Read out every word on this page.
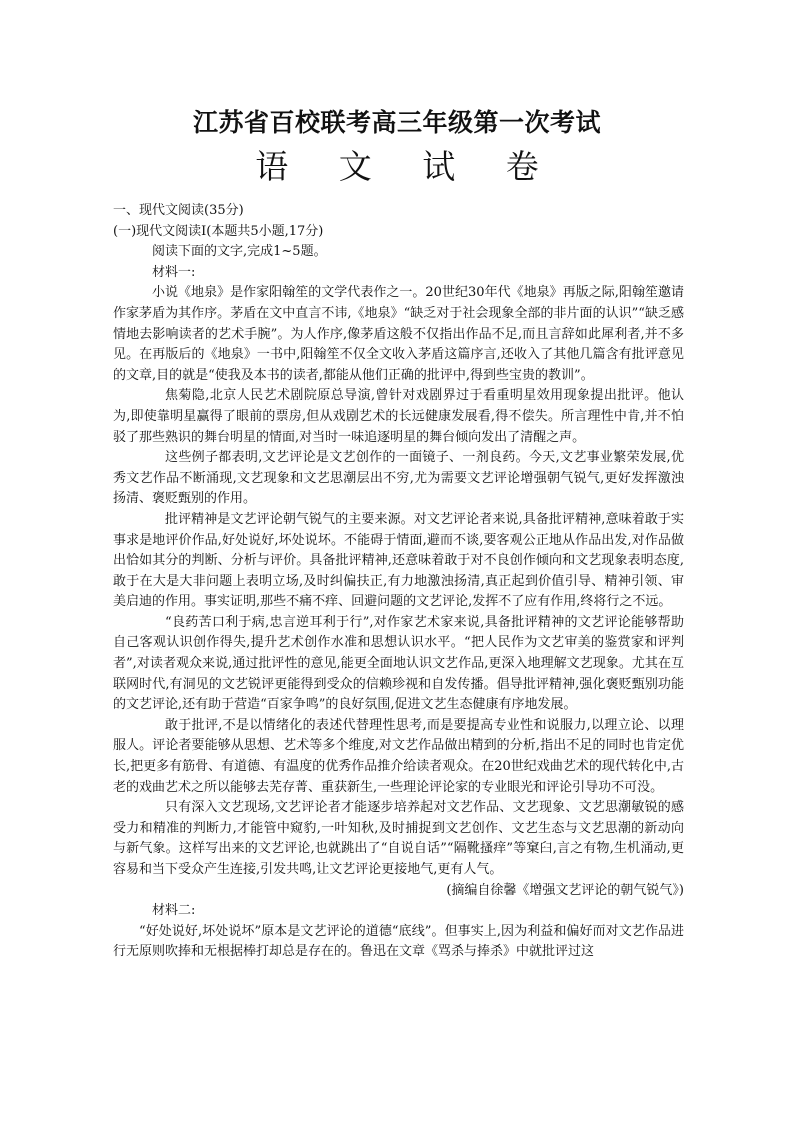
江苏省百校联考高三年级第一次考试
语 文 试 卷

一、现代文阅读(35分)

(一)现代文阅读Ⅰ(本题共5小题,17分)

阅读下面的文字,完成1~5题。

材料一:

小说《地泉》是作家阳翰笙的文学代表作之一。20世纪30年代《地泉》再版之际,阳翰笙邀请作家茅盾为其作序。茅盾在文中直言不讳,《地泉》“缺乏对于社会现象全部的非片面的认识”“缺乏感情地去影响读者的艺术手腕”。为人作序,像茅盾这般不仅指出作品不足,而且言辞如此犀利者,并不多见。在再版后的《地泉》一书中,阳翰笙不仅全文收入茅盾这篇序言,还收入了其他几篇含有批评意见的文章,目的就是“使我及本书的读者,都能从他们正确的批评中,得到些宝贵的教训”。

焦菊隐,北京人民艺术剧院原总导演,曾针对戏剧界过于看重明星效用现象提出批评。他认为,即使靠明星赢得了眼前的票房,但从戏剧艺术的长远健康发展看,得不偿失。所言理性中肯,并不怕驳了那些熟识的舞台明星的情面,对当时一味追逐明星的舞台倾向发出了清醒之声。

这些例子都表明,文艺评论是文艺创作的一面镜子、一剂良药。今天,文艺事业繁荣发展,优秀文艺作品不断涌现,文艺现象和文艺思潮层出不穷,尤为需要文艺评论增强朝气锐气,更好发挥激浊扬清、褒贬甄别的作用。

批评精神是文艺评论朝气锐气的主要来源。对文艺评论者来说,具备批评精神,意味着敢于实事求是地评价作品,好处说好,坏处说坏。不能碍于情面,避而不谈,要客观公正地从作品出发,对作品做出恰如其分的判断、分析与评价。具备批评精神,还意味着敢于对不良创作倾向和文艺现象表明态度,敢于在大是大非问题上表明立场,及时纠偏扶正,有力地激浊扬清,真正起到价值引导、精神引领、审美启迪的作用。事实证明,那些不痛不痒、回避问题的文艺评论,发挥不了应有作用,终将行之不远。

“良药苦口利于病,忠言逆耳利于行”,对作家艺术家来说,具备批评精神的文艺评论能够帮助自己客观认识创作得失,提升艺术创作水准和思想认识水平。“把人民作为文艺审美的鉴赏家和评判者”,对读者观众来说,通过批评性的意见,能更全面地认识文艺作品,更深入地理解文艺现象。尤其在互联网时代,有洞见的文艺锐评更能得到受众的信赖珍视和自发传播。倡导批评精神,强化褒贬甄别功能的文艺评论,还有助于营造“百家争鸣”的良好氛围,促进文艺生态健康有序地发展。

敢于批评,不是以情绪化的表述代替理性思考,而是要提高专业性和说服力,以理立论、以理服人。评论者要能够从思想、艺术等多个维度,对文艺作品做出精到的分析,指出不足的同时也肯定优长,把更多有筋骨、有道德、有温度的优秀作品推介给读者观众。在20世纪戏曲艺术的现代转化中,古老的戏曲艺术之所以能够去芜存菁、重获新生,一些理论评论家的专业眼光和评论引导功不可没。

只有深入文艺现场,文艺评论者才能逐步培养起对文艺作品、文艺现象、文艺思潮敏锐的感受力和精准的判断力,才能管中窥豹,一叶知秋,及时捕捉到文艺创作、文艺生态与文艺思潮的新动向与新气象。这样写出来的文艺评论,也就跳出了“自说自话”“隔靴搔痒”等窠臼,言之有物,生机涌动,更容易和当下受众产生连接,引发共鸣,让文艺评论更接地气,更有人气。

(摘编自徐馨《增强文艺评论的朝气锐气》)

材料二:

“好处说好,坏处说坏”原本是文艺评论的道德“底线”。但事实上,因为利益和偏好而对文艺作品进行无原则吹捧和无根据棒打却总是存在的。鲁迅在文章《骂杀与捧杀》中就批评过这
